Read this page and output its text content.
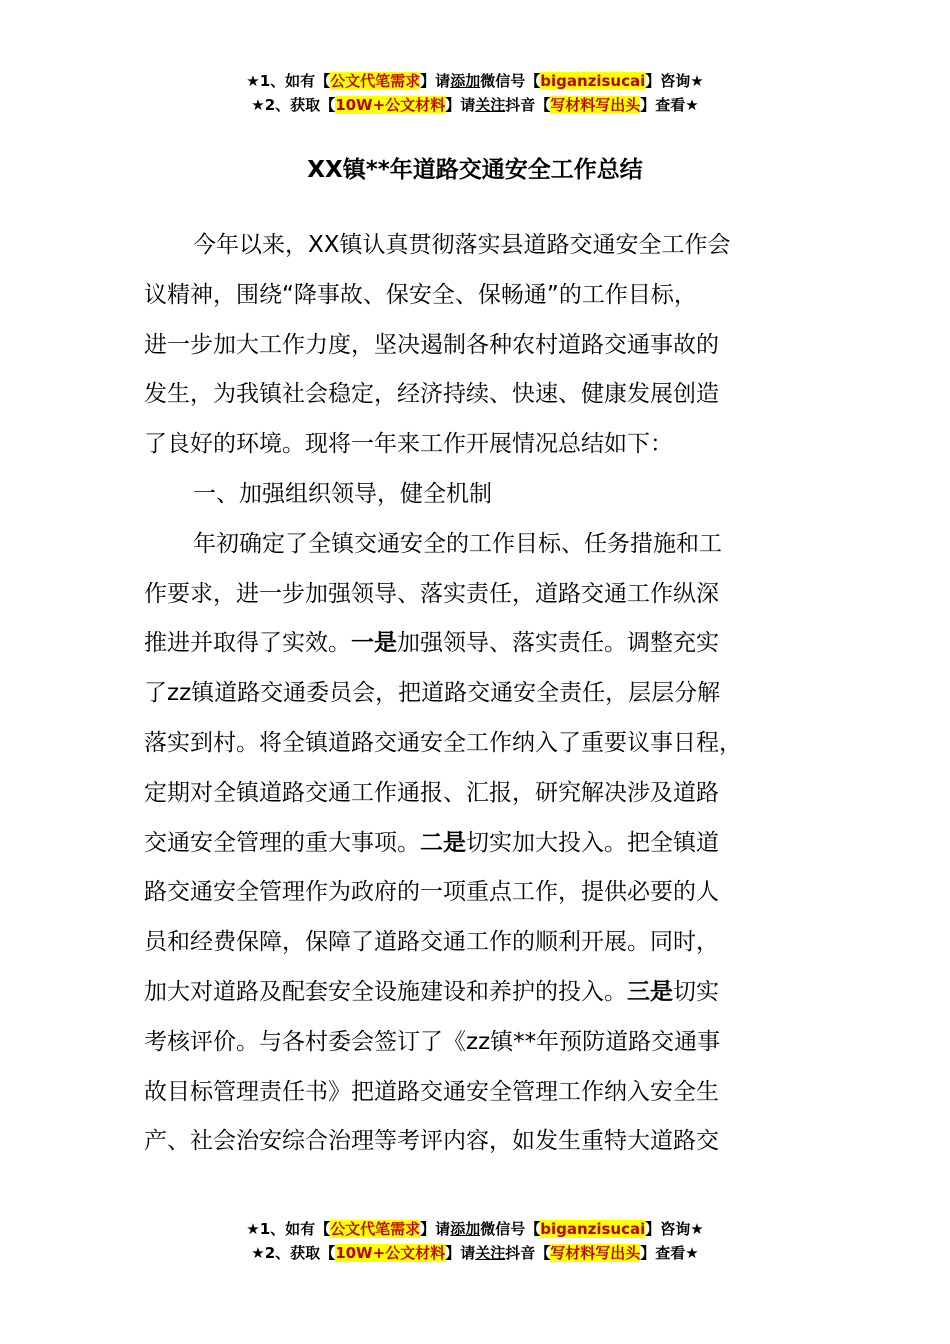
★1、如有【公文代笔需求】请添加微信号【biganzisucai】咨询★
★2、获取【10W+公文材料】请关注抖音【写材料写出头】查看★
XX镇**年道路交通安全工作总结
今年以来，XX镇认真贯彻落实县道路交通安全工作会
议精神，围绕“降事故、保安全、保畅通”的工作目标，
进一步加大工作力度，坚决遏制各种农村道路交通事故的
发生，为我镇社会稳定，经济持续、快速、健康发展创造
了良好的环境。现将一年来工作开展情况总结如下：
一、加强组织领导，健全机制
年初确定了全镇交通安全的工作目标、任务措施和工
作要求，进一步加强领导、落实责任，道路交通工作纵深
推进并取得了实效。一是加强领导、落实责任。调整充实
了zz镇道路交通委员会，把道路交通安全责任，层层分解
落实到村。将全镇道路交通安全工作纳入了重要议事日程，
定期对全镇道路交通工作通报、汇报，研究解决涉及道路
交通安全管理的重大事项。二是切实加大投入。把全镇道
路交通安全管理作为政府的一项重点工作，提供必要的人
员和经费保障，保障了道路交通工作的顺利开展。同时，
加大对道路及配套安全设施建设和养护的投入。三是切实
考核评价。与各村委会签订了《zz镇**年预防道路交通事
故目标管理责任书》把道路交通安全管理工作纳入安全生
产、社会治安综合治理等考评内容，如发生重特大道路交
★1、如有【公文代笔需求】请添加微信号【biganzisucai】咨询★
★2、获取【10W+公文材料】请关注抖音【写材料写出头】查看★
